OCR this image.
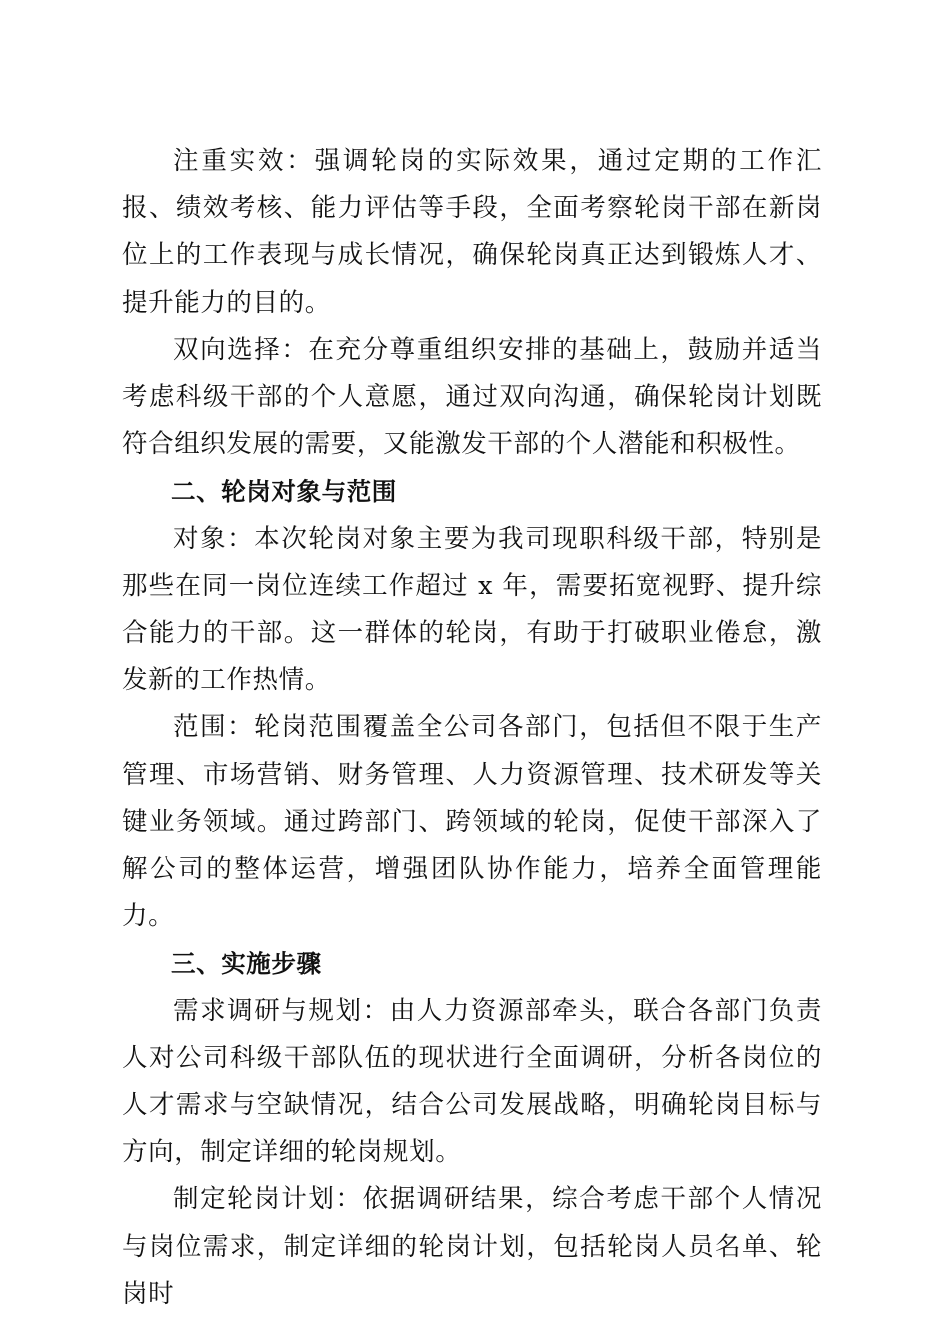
注重实效：强调轮岗的实际效果，通过定期的工作汇报、绩效考核、能力评估等手段，全面考察轮岗干部在新岗位上的工作表现与成长情况，确保轮岗真正达到锻炼人才、提升能力的目的。

双向选择：在充分尊重组织安排的基础上，鼓励并适当考虑科级干部的个人意愿，通过双向沟通，确保轮岗计划既符合组织发展的需要，又能激发干部的个人潜能和积极性。

二、轮岗对象与范围

对象：本次轮岗对象主要为我司现职科级干部，特别是那些在同一岗位连续工作超过 x 年，需要拓宽视野、提升综合能力的干部。这一群体的轮岗，有助于打破职业倦怠，激发新的工作热情。

范围：轮岗范围覆盖全公司各部门，包括但不限于生产管理、市场营销、财务管理、人力资源管理、技术研发等关键业务领域。通过跨部门、跨领域的轮岗，促使干部深入了解公司的整体运营，增强团队协作能力，培养全面管理能力。

三、实施步骤

需求调研与规划：由人力资源部牵头，联合各部门负责人对公司科级干部队伍的现状进行全面调研，分析各岗位的人才需求与空缺情况，结合公司发展战略，明确轮岗目标与方向，制定详细的轮岗规划。

制定轮岗计划：依据调研结果，综合考虑干部个人情况与岗位需求，制定详细的轮岗计划，包括轮岗人员名单、轮岗时
